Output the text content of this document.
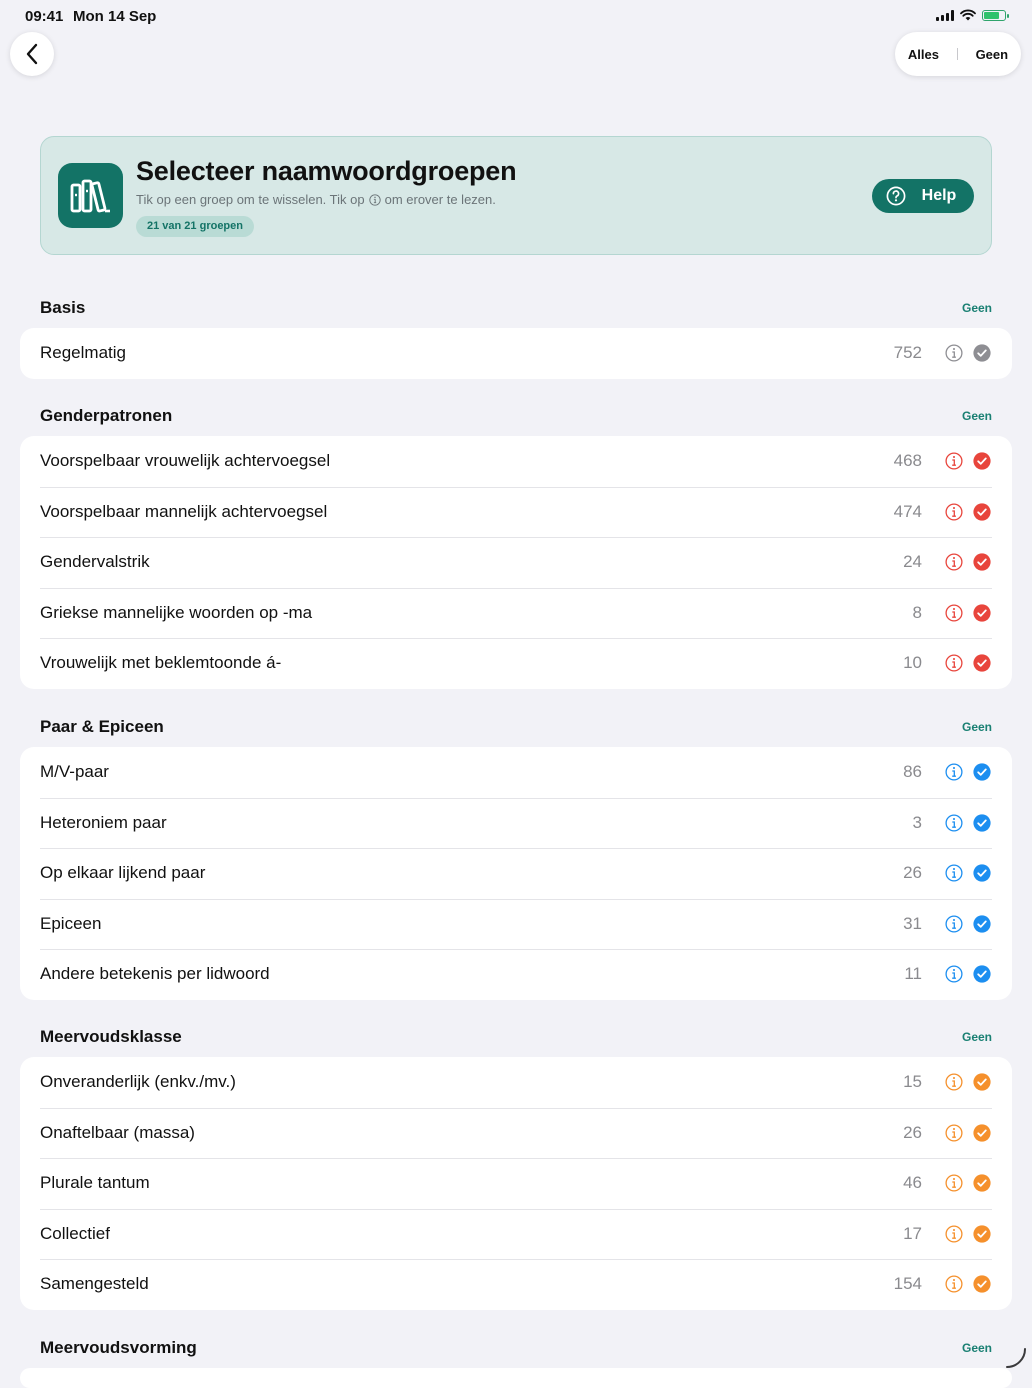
09:41 Mon 14 Sep
Alles	Geen
Selecteer naamwoordgroepen
Tik op een groep om te wisselen. Tik op om erover te lezen.
21 van 21 groepen
Help
Basis	Geen
Regelmatig	752
Genderpatronen	Geen
Voorspelbaar vrouwelijk achtervoegsel	468
Voorspelbaar mannelijk achtervoegsel	474
Gendervalstrik	24
Griekse mannelijke woorden op -ma	8
Vrouwelijk met beklemtoonde á-	10
Paar & Epiceen	Geen
M/V-paar	86
Heteroniem paar	3
Op elkaar lijkend paar	26
Epiceen	31
Andere betekenis per lidwoord	11
Meervoudsklasse	Geen
Onveranderlijk (enkv./mv.)	15
Onaftelbaar (massa)	26
Plurale tantum	46
Collectief	17
Samengesteld	154
Meervoudsvorming	Geen
